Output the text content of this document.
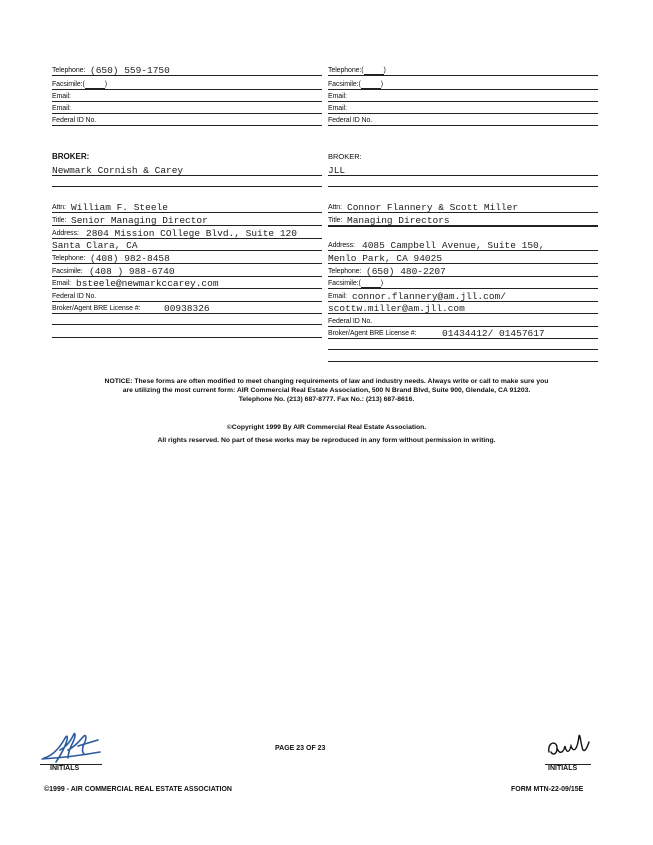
Telephone: (650) 559-1750
Facsimile:(	)
Email:
Email:
Federal ID No.
BROKER:
Newmark Cornish & Carey
Attn: William F. Steele
Title: Senior Managing Director
Address: 2804 Mission COllege Blvd., Suite 120
Santa Clara, CA
Telephone: (408) 982-8458
Facsimile: (408 ) 988-6740
Email: bsteele@newmarkccarey.com
Federal ID No.
Broker/Agent BRE License #: 00938326
Telephone:(	)
Facsimile:(	)
Email:
Email:
Federal ID No.
BROKER:
JLL
Attn: Connor Flannery & Scott Miller
Title: Managing Directors
Address: 4085 Campbell Avenue, Suite 150,
Menlo Park, CA 94025
Telephone: (650) 480-2207
Facsimile:(	)
Email: connor.flannery@am.jll.com/
scottw.miller@am.jll.com
Federal ID No.
Broker/Agent BRE License #:	01434412/ 01457617
NOTICE: These forms are often modified to meet changing requirements of law and industry needs. Always write or call to make sure you
are utilizing the most current form: AIR Commercial Real Estate Association, 500 N Brand Blvd, Suite 900, Glendale, CA 91203.
Telephone No. (213) 687-8777. Fax No.: (213) 687-8616.
©Copyright 1999 By AIR Commercial Real Estate Association.
All rights reserved. No part of these works may be reproduced in any form without permission in writing.
INITIALS
PAGE 23 OF 23
INITIALS
©1999 - AIR COMMERCIAL REAL ESTATE ASSOCIATION	FORM MTN-22-09/15E
